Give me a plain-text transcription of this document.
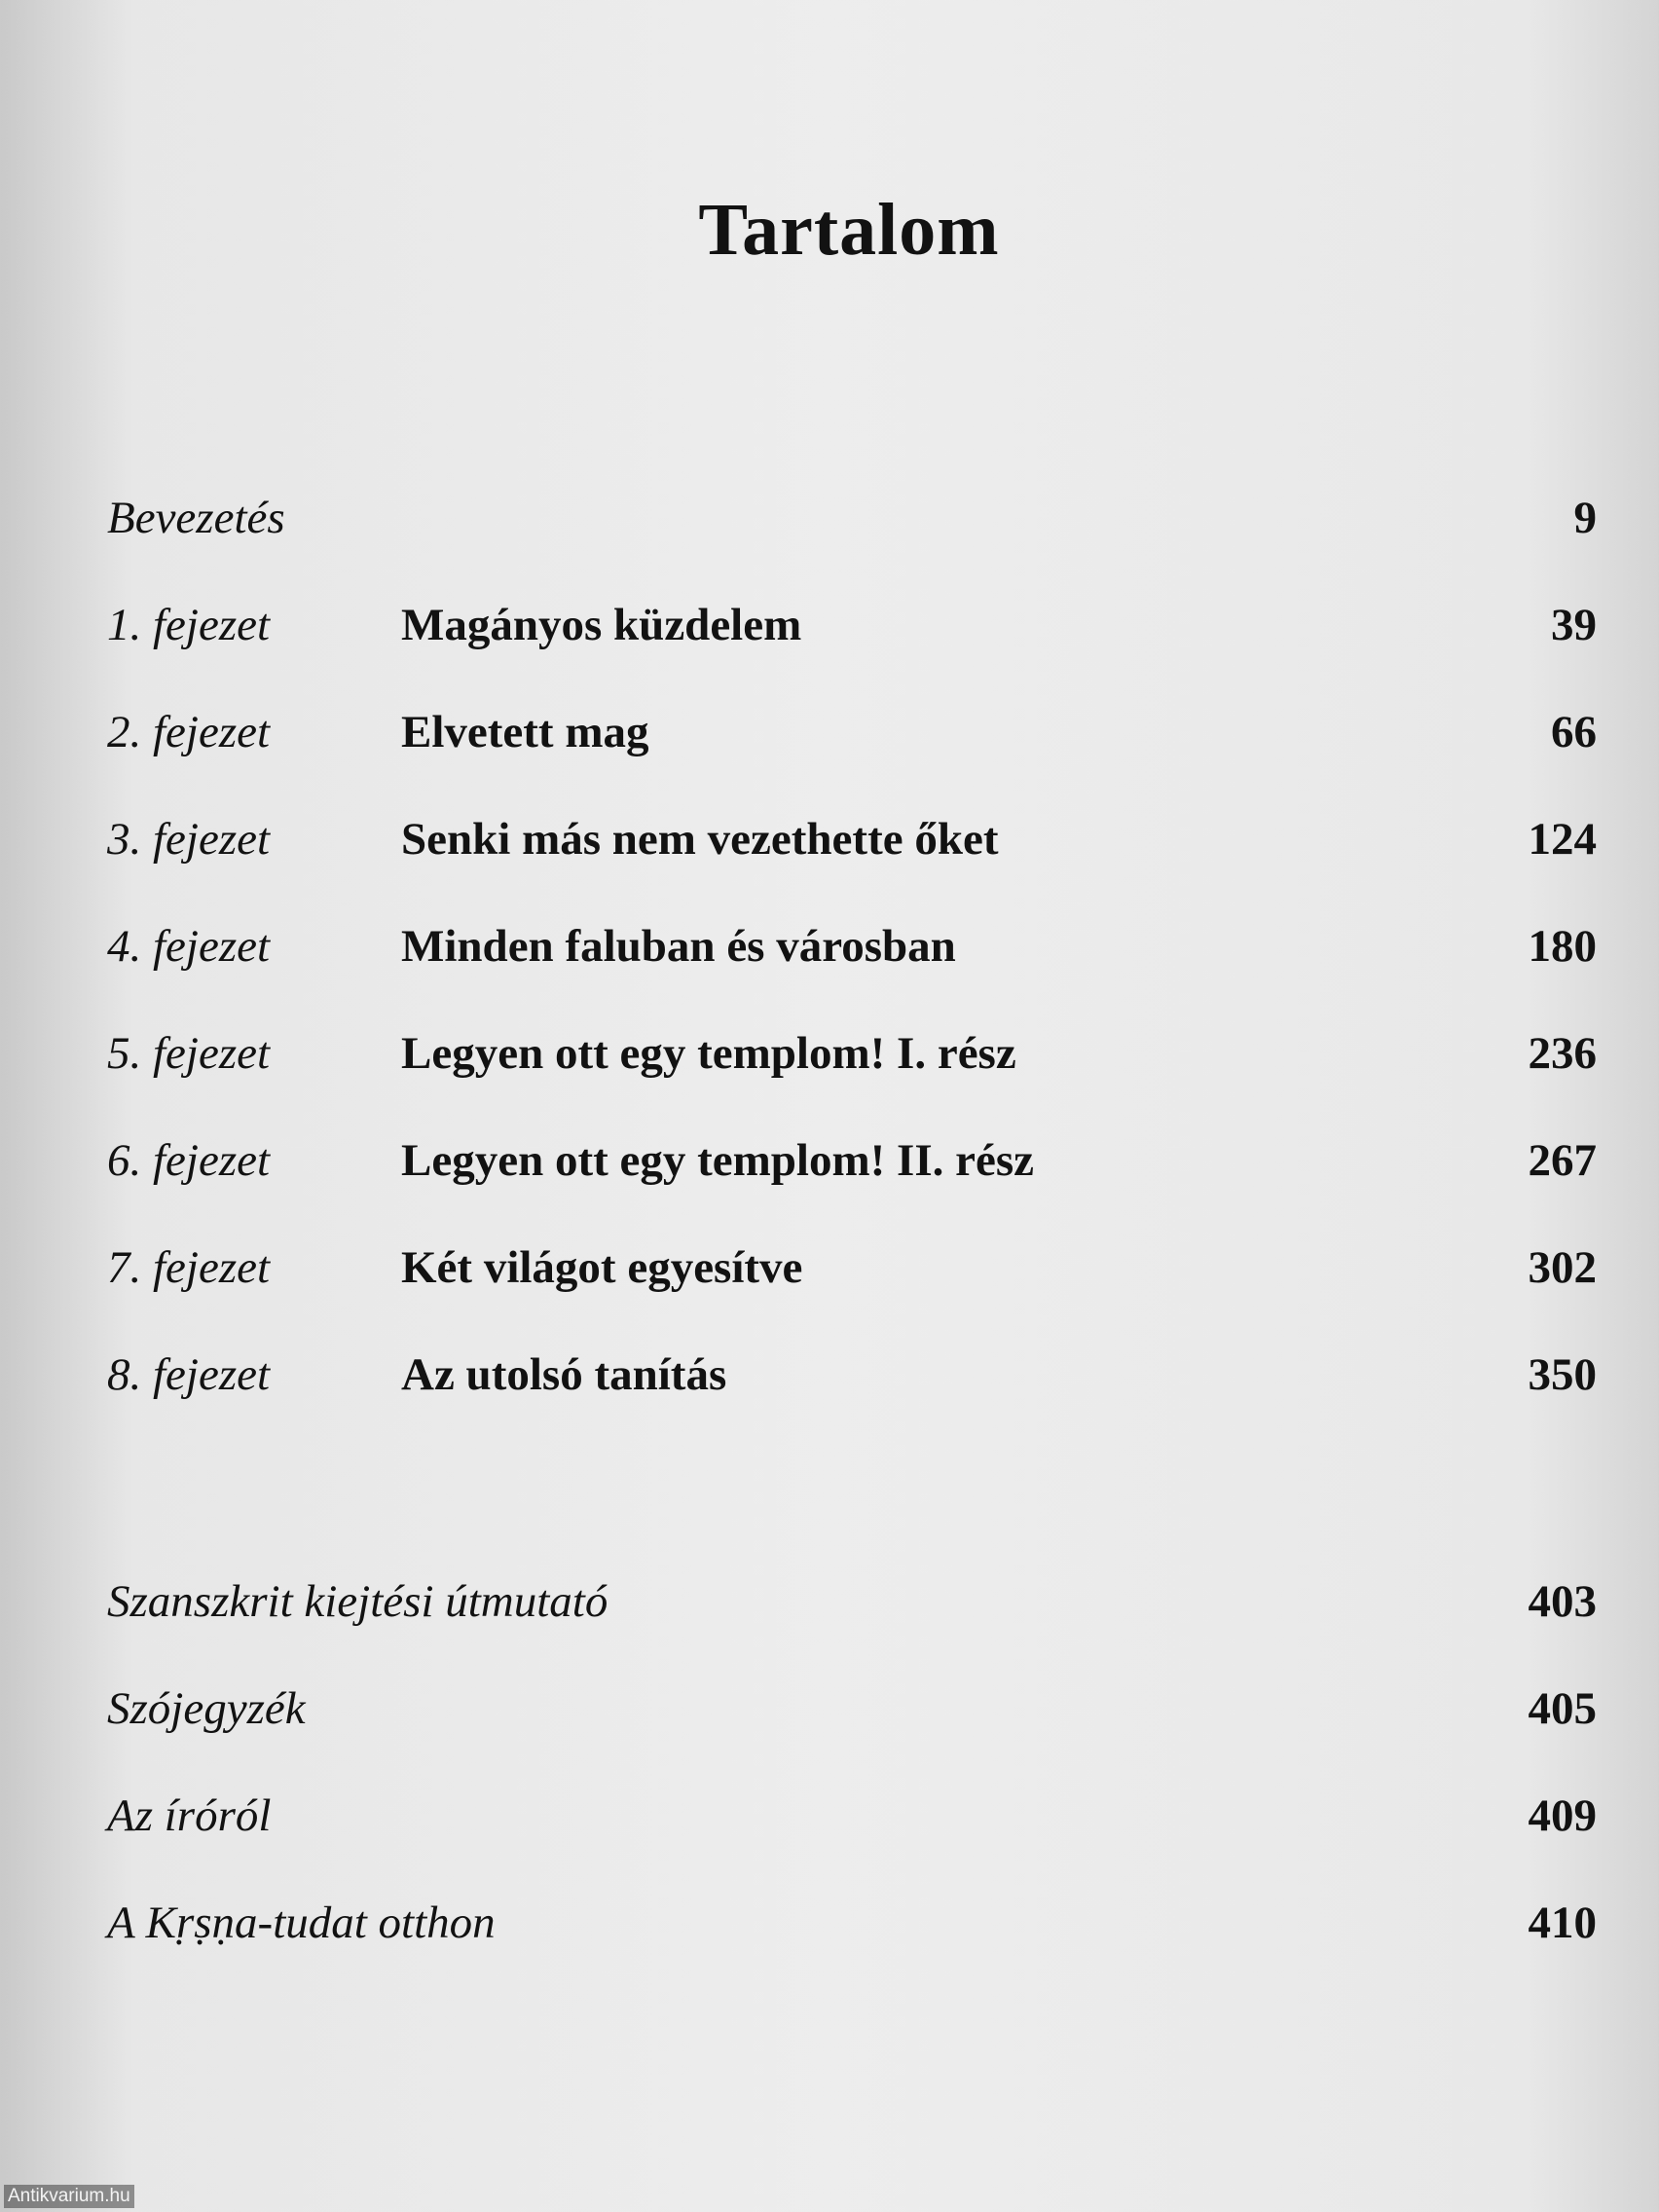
Tartalom
Bevezetés	9
1. fejezet	Magányos küzdelem	39
2. fejezet	Elvetett mag	66
3. fejezet	Senki más nem vezethette őket	124
4. fejezet	Minden faluban és városban	180
5. fejezet	Legyen ott egy templom! I. rész	236
6. fejezet	Legyen ott egy templom! II. rész	267
7. fejezet	Két világot egyesítve	302
8. fejezet	Az utolsó tanítás	350
Szanszkrit kiejtési útmutató	403
Szójegyzék	405
Az íróról	409
A Kṛṣṇa-tudat otthon	410
Antikvarium.hu
